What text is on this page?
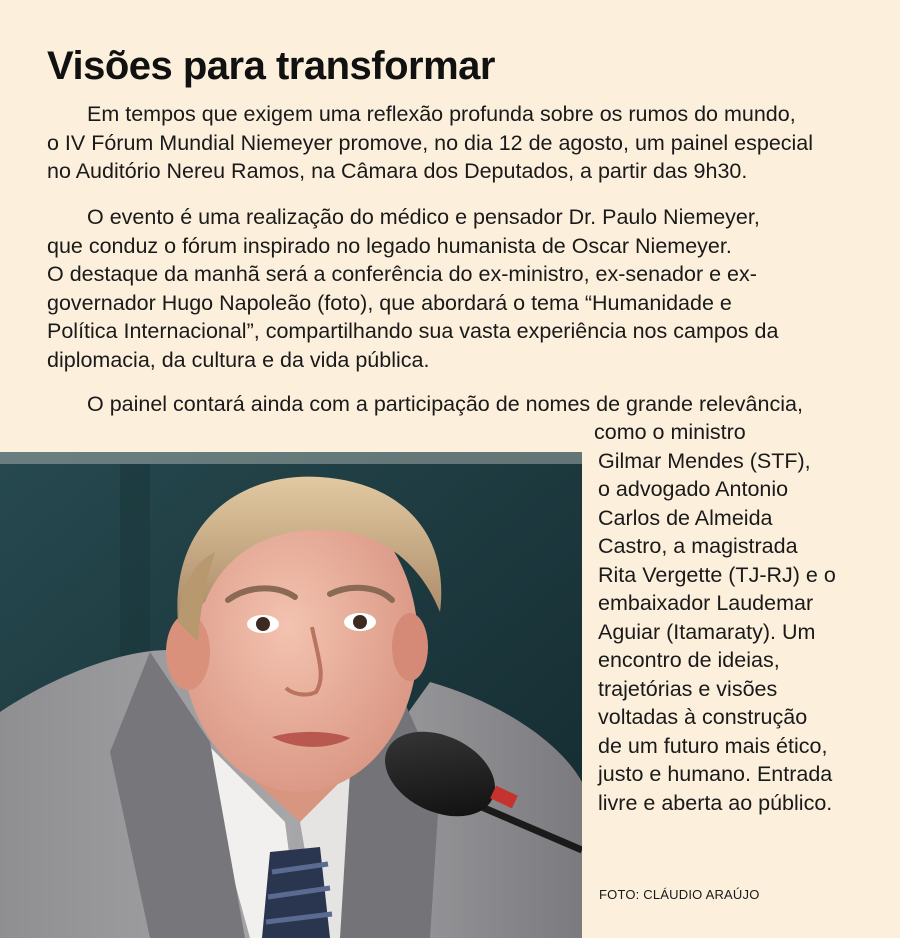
Visões para transformar
Em tempos que exigem uma reflexão profunda sobre os rumos do mundo,
o IV Fórum Mundial Niemeyer promove, no dia 12 de agosto, um painel especial
no Auditório Nereu Ramos, na Câmara dos Deputados, a partir das 9h30.
O evento é uma realização do médico e pensador Dr. Paulo Niemeyer,
que conduz o fórum inspirado no legado humanista de Oscar Niemeyer.
O destaque da manhã será a conferência do ex-ministro, ex-senador e ex-
governador Hugo Napoleão (foto), que abordará o tema “Humanidade e
Política Internacional”, compartilhando sua vasta experiência nos campos da
diplomacia, da cultura e da vida pública.
O painel contará ainda com a participação de nomes de grande relevância,
como o ministro
Gilmar Mendes (STF),
o advogado Antonio
Carlos de Almeida
Castro, a magistrada
Rita Vergette (TJ-RJ) e o
embaixador Laudemar
Aguiar (Itamaraty). Um
encontro de ideias,
trajetórias e visões
voltadas à construção
de um futuro mais ético,
justo e humano. Entrada
livre e aberta ao público.
FOTO: CLÁUDIO ARAÚJO
